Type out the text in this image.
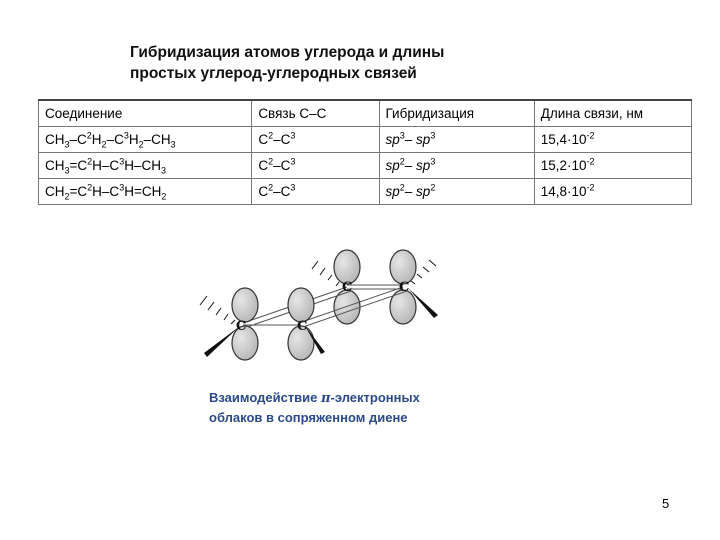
Гибридизация атомов углерода и длины
простых углерод-углеродных связей
Соединение	Связь С–С	Гибридизация	Длина связи, нм
$CH_3-C^2H_2-C^3H_2-CH_3$	$C^2-C^3$	$sp^3-$ $sp^3$	$15,4\cdot 10^{-2}$
$CH_3=C^2H-C^3H-CH_3$	$C^2-C^3$	$sp^2-$ $sp^3$	$15,2\cdot 10^{-2}$
$CH_2=C^2H-C^3H=CH_2$	$C^2-C^3$	$sp^2-$ $sp^2$	$14,8\cdot 10^{-2}$
C	C
C	C
Взаимодействие π-электронных
облаков в сопряженном диене
5
